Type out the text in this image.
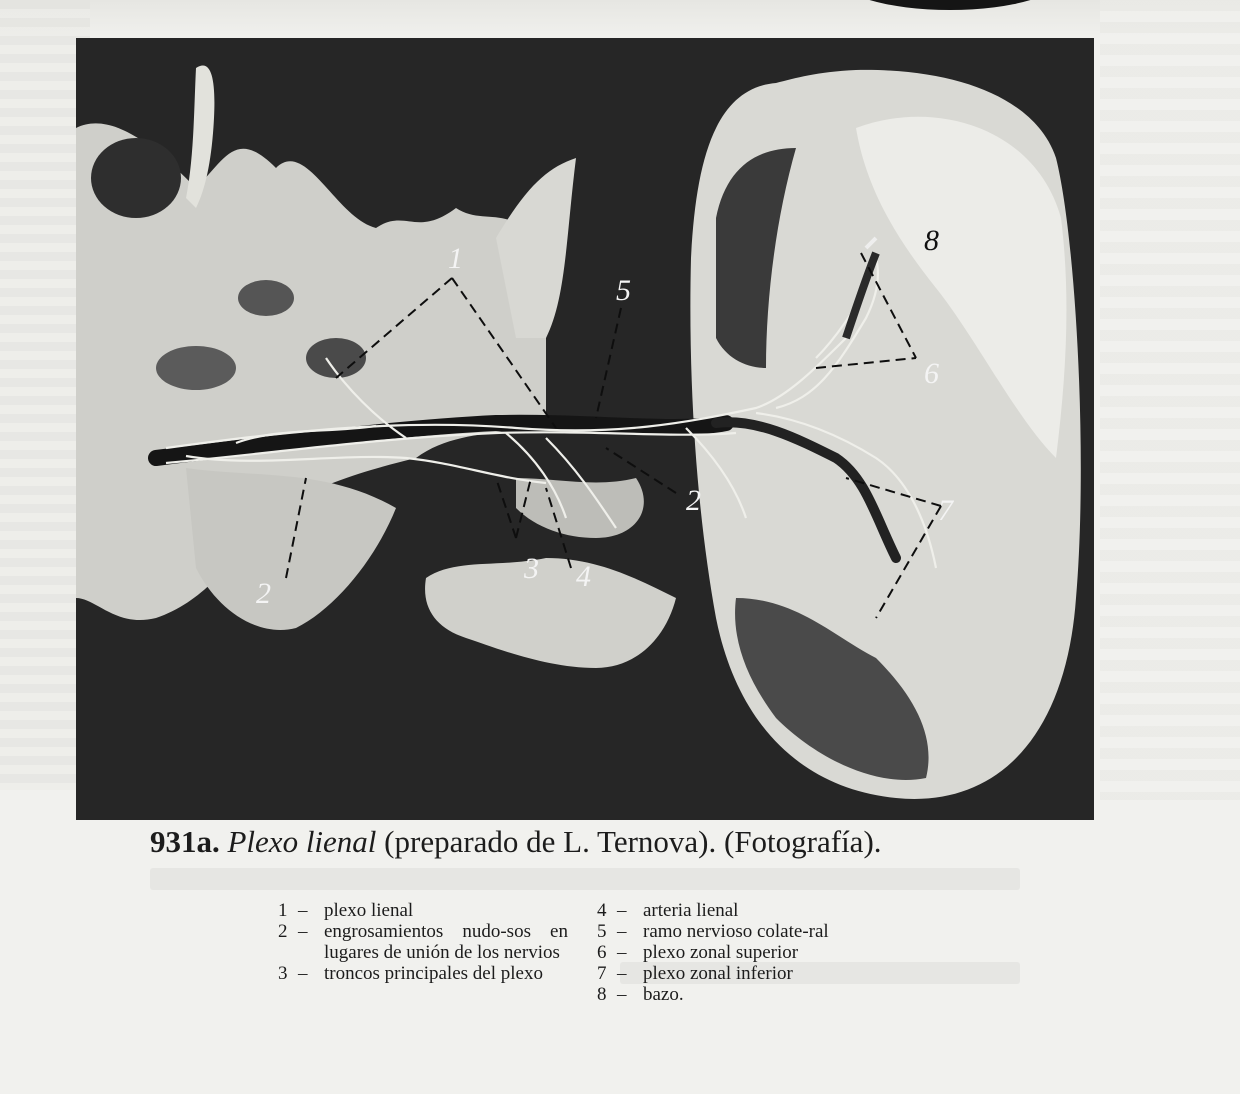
1
2
2
3 4
5
6
7
8
931a. Plexo lienal (preparado de L. Ternova). (Fotografía).
1 – plexo lienal
2 – engrosamientos nudo-sos en lugares de unión de los nervios
3 – troncos principales del plexo
4 – arteria lienal
5 – ramo nervioso colate-ral
6 – plexo zonal superior
7 – plexo zonal inferior
8 – bazo.
